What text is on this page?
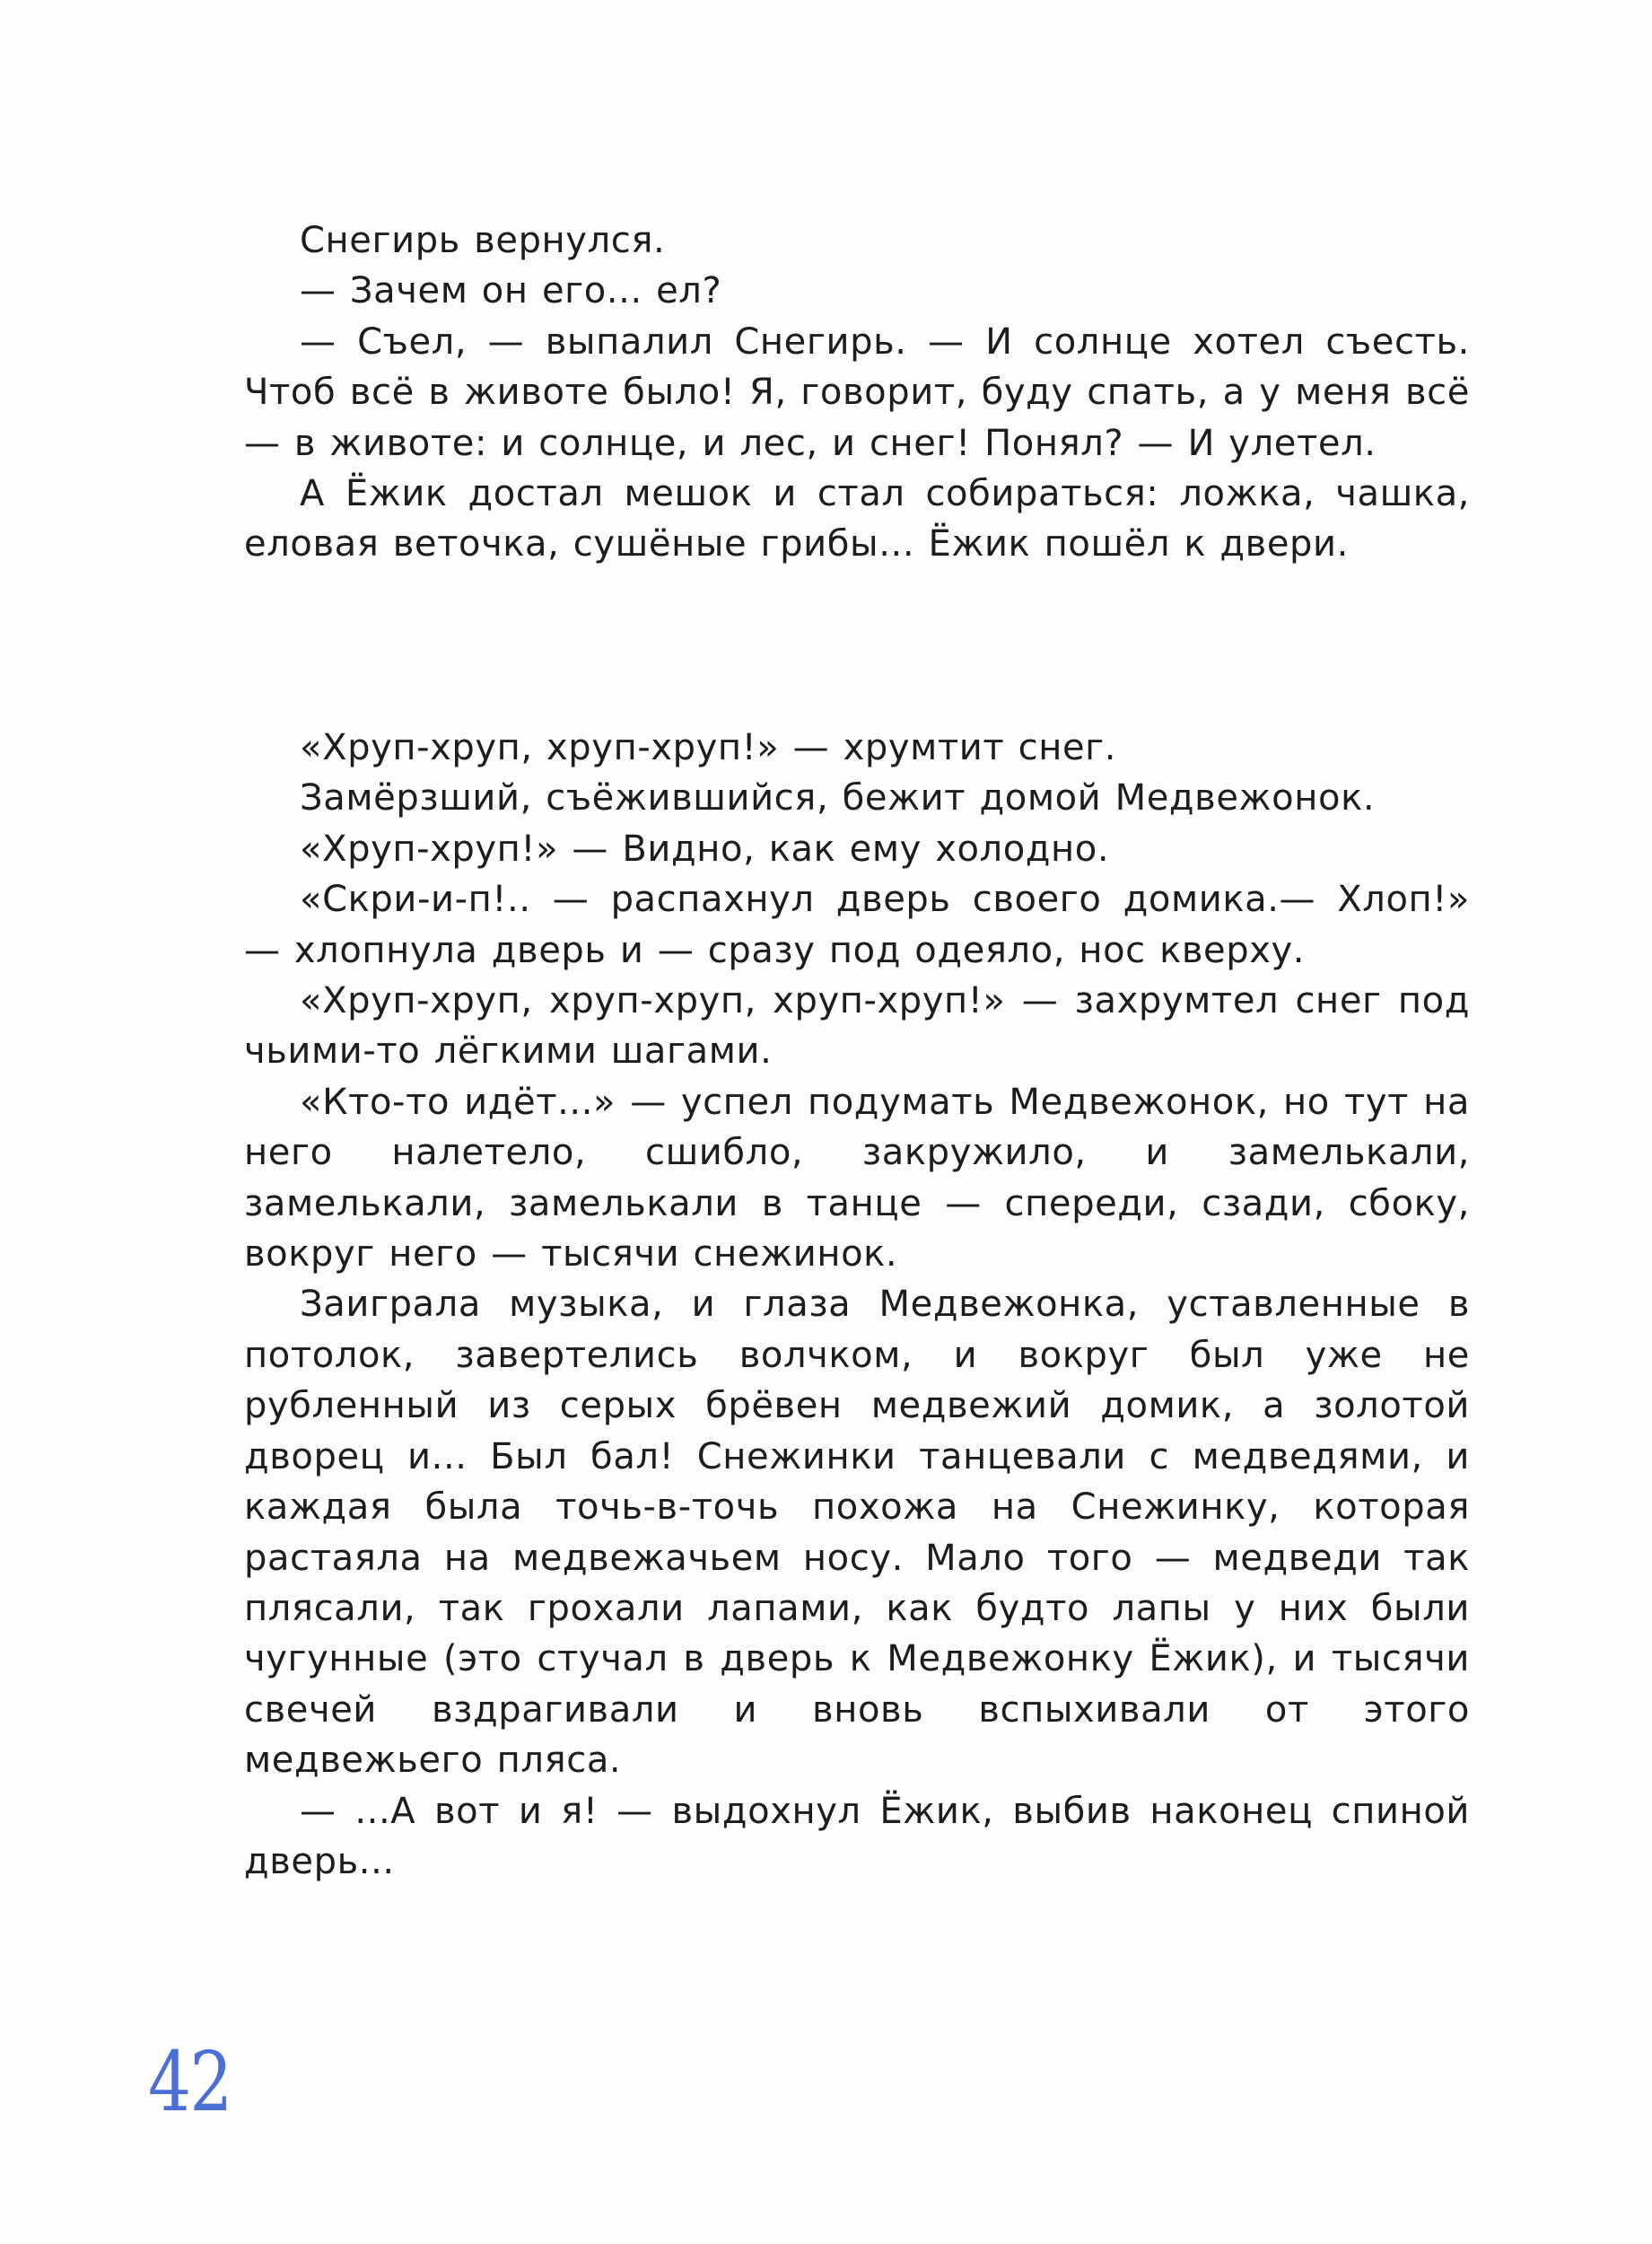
Снегирь вернулся.

— Зачем он его... ел?

— Съел, — выпалил Снегирь. — И солнце хотел съесть. Чтоб всё в животе было! Я, говорит, буду спать, а у меня всё — в животе: и солнце, и лес, и снег! Понял? — И улетел.

А Ёжик достал мешок и стал собираться: ложка, чашка, еловая веточка, сушёные грибы... Ёжик пошёл к двери.

«Хруп-хруп, хруп-хруп!» — хрумтит снег.

Замёрзший, съёжившийся, бежит домой Медвежонок.

«Хруп-хруп!» — Видно, как ему холодно.

«Скри-и-п!.. — распахнул дверь своего домика.— Хлоп!» — хлопнула дверь и — сразу под одеяло, нос кверху.

«Хруп-хруп, хруп-хруп, хруп-хруп!» — захрумтел снег под чьими-то лёгкими шагами.

«Кто-то идёт...» — успел подумать Медвежонок, но тут на него налетело, сшибло, закружило, и замелькали, замелькали, замелькали в танце — спереди, сзади, сбоку, вокруг него — тысячи снежинок.

Заиграла музыка, и глаза Медвежонка, уставленные в потолок, завертелись волчком, и вокруг был уже не рубленный из серых брёвен медвежий домик, а золотой дворец и... Был бал! Снежинки танцевали с медведями, и каждая была точь-в-точь похожа на Снежинку, которая растаяла на медвежачьем носу. Мало того — медведи так плясали, так грохали лапами, как будто лапы у них были чугунные (это стучал в дверь к Медвежонку Ёжик), и тысячи свечей вздрагивали и вновь вспыхивали от этого медвежьего пляса.

— ...А вот и я! — выдохнул Ёжик, выбив наконец спиной дверь...

42
